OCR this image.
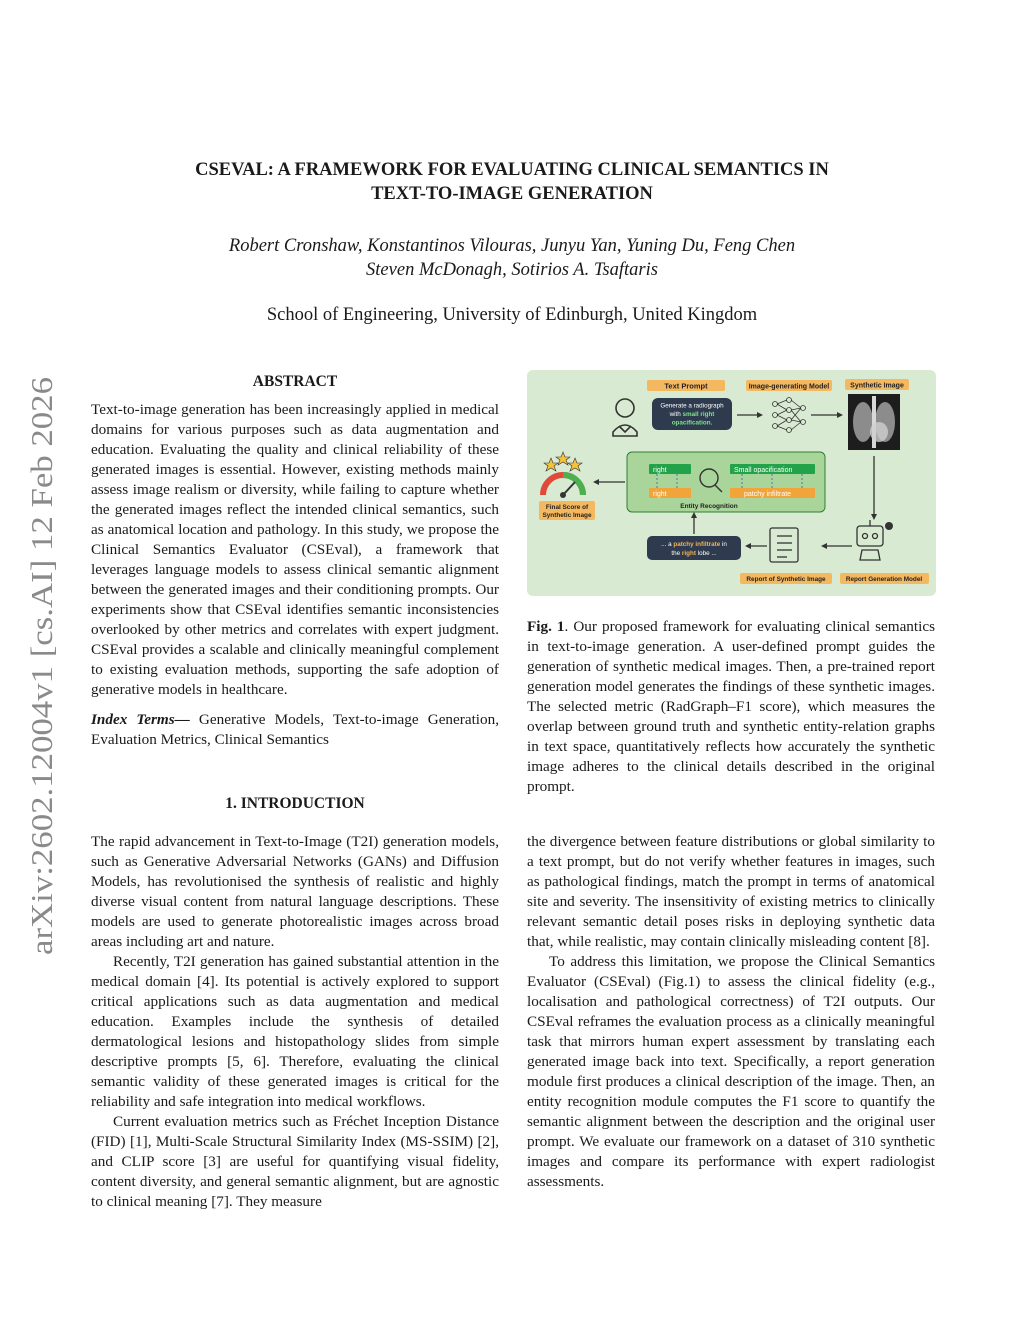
arXiv:2602.12004v1 [cs.AI] 12 Feb 2026
CSEVAL: A FRAMEWORK FOR EVALUATING CLINICAL SEMANTICS IN
TEXT-TO-IMAGE GENERATION
Robert Cronshaw, Konstantinos Vilouras, Junyu Yan, Yuning Du, Feng Chen
Steven McDonagh, Sotirios A. Tsaftaris
School of Engineering, University of Edinburgh, United Kingdom
ABSTRACT

Text-to-image generation has been increasingly applied in medical domains for various purposes such as data augmentation and education. Evaluating the quality and clinical reliability of these generated images is essential. However, existing methods mainly assess image realism or diversity, while failing to capture whether the generated images reflect the intended clinical semantics, such as anatomical location and pathology. In this study, we propose the Clinical Semantics Evaluator (CSEval), a framework that leverages language models to assess clinical semantic alignment between the generated images and their conditioning prompts. Our experiments show that CSEval identifies semantic inconsistencies overlooked by other metrics and correlates with expert judgment. CSEval provides a scalable and clinically meaningful complement to existing evaluation methods, supporting the safe adoption of generative models in healthcare.

Index Terms— Generative Models, Text-to-image Generation, Evaluation Metrics, Clinical Semantics

1. INTRODUCTION

The rapid advancement in Text-to-Image (T2I) generation models, such as Generative Adversarial Networks (GANs) and Diffusion Models, has revolutionised the synthesis of realistic and highly diverse visual content from natural language descriptions. These models are used to generate photorealistic images across broad areas including art and nature.

Recently, T2I generation has gained substantial attention in the medical domain [4]. Its potential is actively explored to support critical applications such as data augmentation and medical education. Examples include the synthesis of detailed dermatological lesions and histopathology slides from simple descriptive prompts [5, 6]. Therefore, evaluating the clinical semantic validity of these generated images is critical for the reliability and safe integration into medical workflows.

Current evaluation metrics such as Fréchet Inception Distance (FID) [1], Multi-Scale Structural Similarity Index (MS-SSIM) [2], and CLIP score [3] are useful for quantifying visual fidelity, content diversity, and general semantic alignment, but are agnostic to clinical meaning [7]. They measure

Text Prompt	Image-generating Model	Synthetic Image
Generate a radiograph
with small right
opacification.
Final Score of
Synthetic Image
right	Small opacification
right	patchy infiltrate
Entity Recognition
... a patchy infiltrate in
the right lobe ...
Report of Synthetic Image	Report Generation Model

Fig. 1. Our proposed framework for evaluating clinical semantics in text-to-image generation. A user-defined prompt guides the generation of synthetic medical images. Then, a pre-trained report generation model generates the findings of these synthetic images. The selected metric (RadGraph–F1 score), which measures the overlap between ground truth and synthetic entity-relation graphs in text space, quantitatively reflects how accurately the synthetic image adheres to the clinical details described in the original prompt.

the divergence between feature distributions or global similarity to a text prompt, but do not verify whether features in images, such as pathological findings, match the prompt in terms of anatomical site and severity. The insensitivity of existing metrics to clinically relevant semantic detail poses risks in deploying synthetic data that, while realistic, may contain clinically misleading content [8].

To address this limitation, we propose the Clinical Semantics Evaluator (CSEval) (Fig.1) to assess the clinical fidelity (e.g., localisation and pathological correctness) of T2I outputs. Our CSEval reframes the evaluation process as a clinically meaningful task that mirrors human expert assessment by translating each generated image back into text. Specifically, a report generation module first produces a clinical description of the image. Then, an entity recognition module computes the F1 score to quantify the semantic alignment between the description and the original user prompt. We evaluate our framework on a dataset of 310 synthetic images and compare its performance with expert radiologist assessments.
